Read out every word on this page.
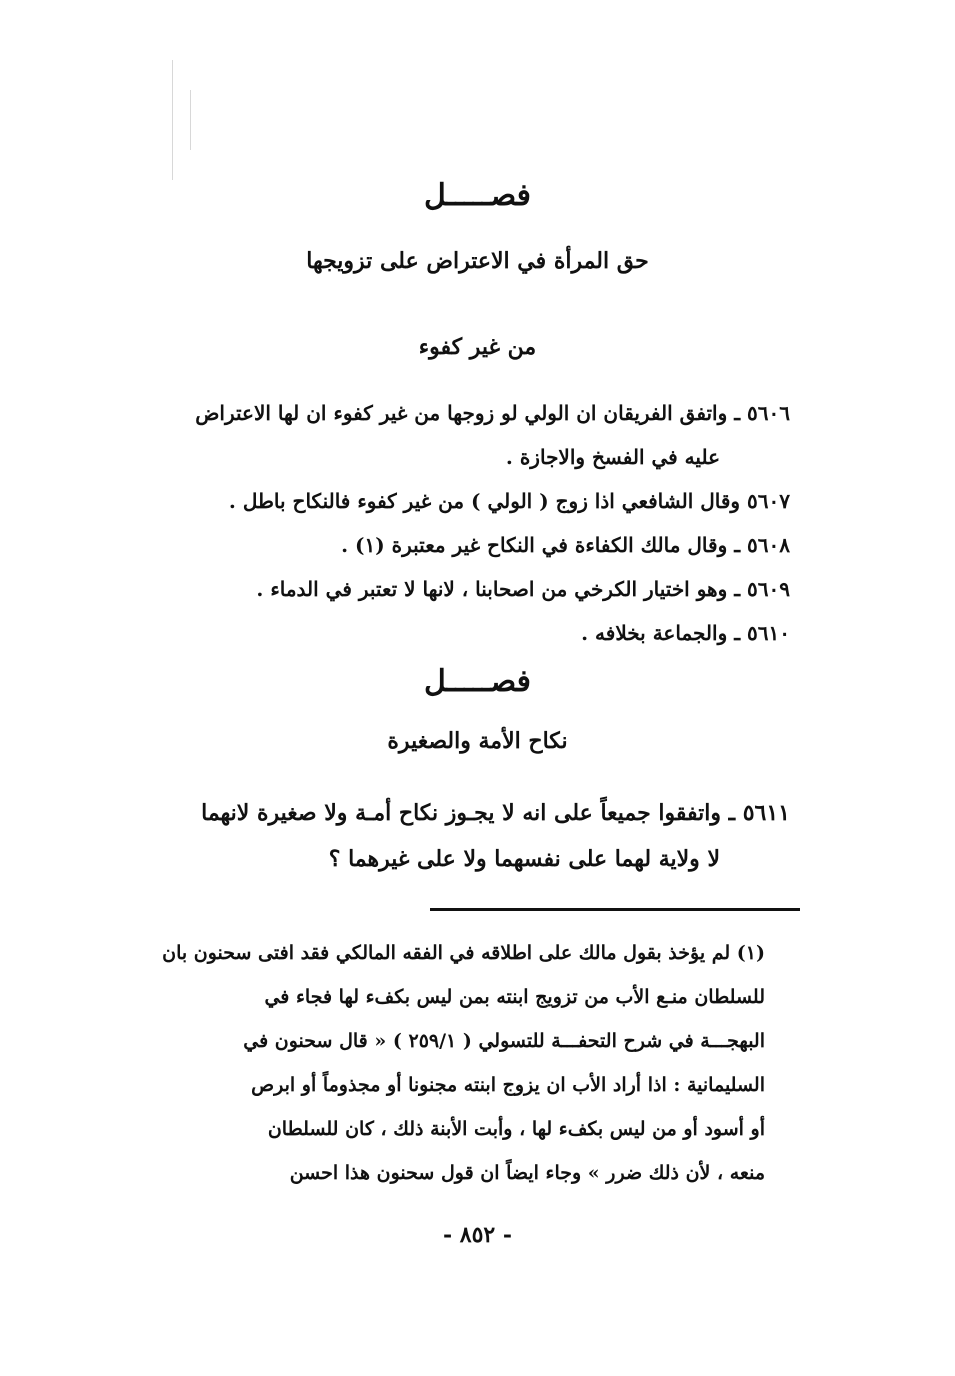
فصـــــل
حق المرأة في الاعتراض على تزويجها
من غير كفوء
٥٦٠٦ ـ واتفق الفريقان ان الولي لو زوجها من غير كفوء ان لها الاعتراض
عليه في الفسخ والاجازة .
٥٦٠٧ وقال الشافعي اذا زوج ( الولي ) من غير كفوء فالنكاح باطل .
٥٦٠٨ ـ وقال مالك الكفاءة في النكاح غير معتبرة (١) .
٥٦٠٩ ـ وهو اختيار الكرخي من اصحابنا ، لانها لا تعتبر في الدماء .
٥٦١٠ ـ والجماعة بخلافه .
فصـــــل
نكاح الأمة والصغيرة
٥٦١١ ـ واتفقوا جميعاً على انه لا يجـوز نكاح أمـة ولا صغيرة لانهما
لا ولاية لهما على نفسهما ولا على غيرهما ؟
(١) لم يؤخذ بقول مالك على اطلاقه في الفقه المالكي فقد افتى سحنون بان
للسلطان منـع الأب من تزويج ابنته بمن ليس بكفء لها فجاء في
البهجـــة في شرح التحفـــة للتسولي ( ٢٥٩/١ ) « قال سحنون في
السليمانية : اذا أراد الأب ان يزوج ابنته مجنونا أو مجذوماً أو ابرص
أو أسود أو من ليس بكفء لها ، وأبت الأبنة ذلك ، كان للسلطان
منعه ، لأن ذلك ضرر » وجاء ايضاً ان قول سحنون هذا احسن
- ٨٥٢ -
